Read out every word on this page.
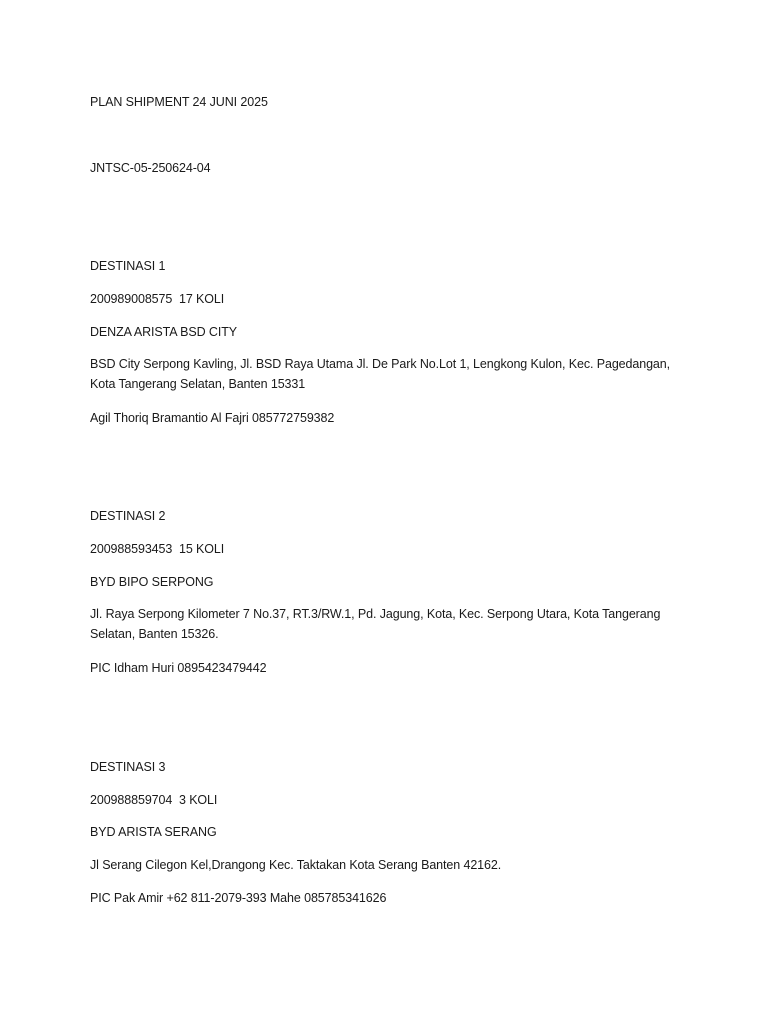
PLAN SHIPMENT 24 JUNI 2025
JNTSC-05-250624-04
DESTINASI 1
200989008575  17 KOLI
DENZA ARISTA BSD CITY
BSD City Serpong Kavling, Jl. BSD Raya Utama Jl. De Park No.Lot 1, Lengkong Kulon, Kec. Pagedangan, Kota Tangerang Selatan, Banten 15331
Agil Thoriq Bramantio Al Fajri 085772759382
DESTINASI 2
200988593453  15 KOLI
BYD BIPO SERPONG
Jl. Raya Serpong Kilometer 7 No.37, RT.3/RW.1, Pd. Jagung, Kota, Kec. Serpong Utara, Kota Tangerang Selatan, Banten 15326.
PIC Idham Huri 0895423479442
DESTINASI 3
200988859704  3 KOLI
BYD ARISTA SERANG
Jl Serang Cilegon Kel,Drangong Kec. Taktakan Kota Serang Banten 42162.
PIC Pak Amir +62 811-2079-393 Mahe 085785341626
